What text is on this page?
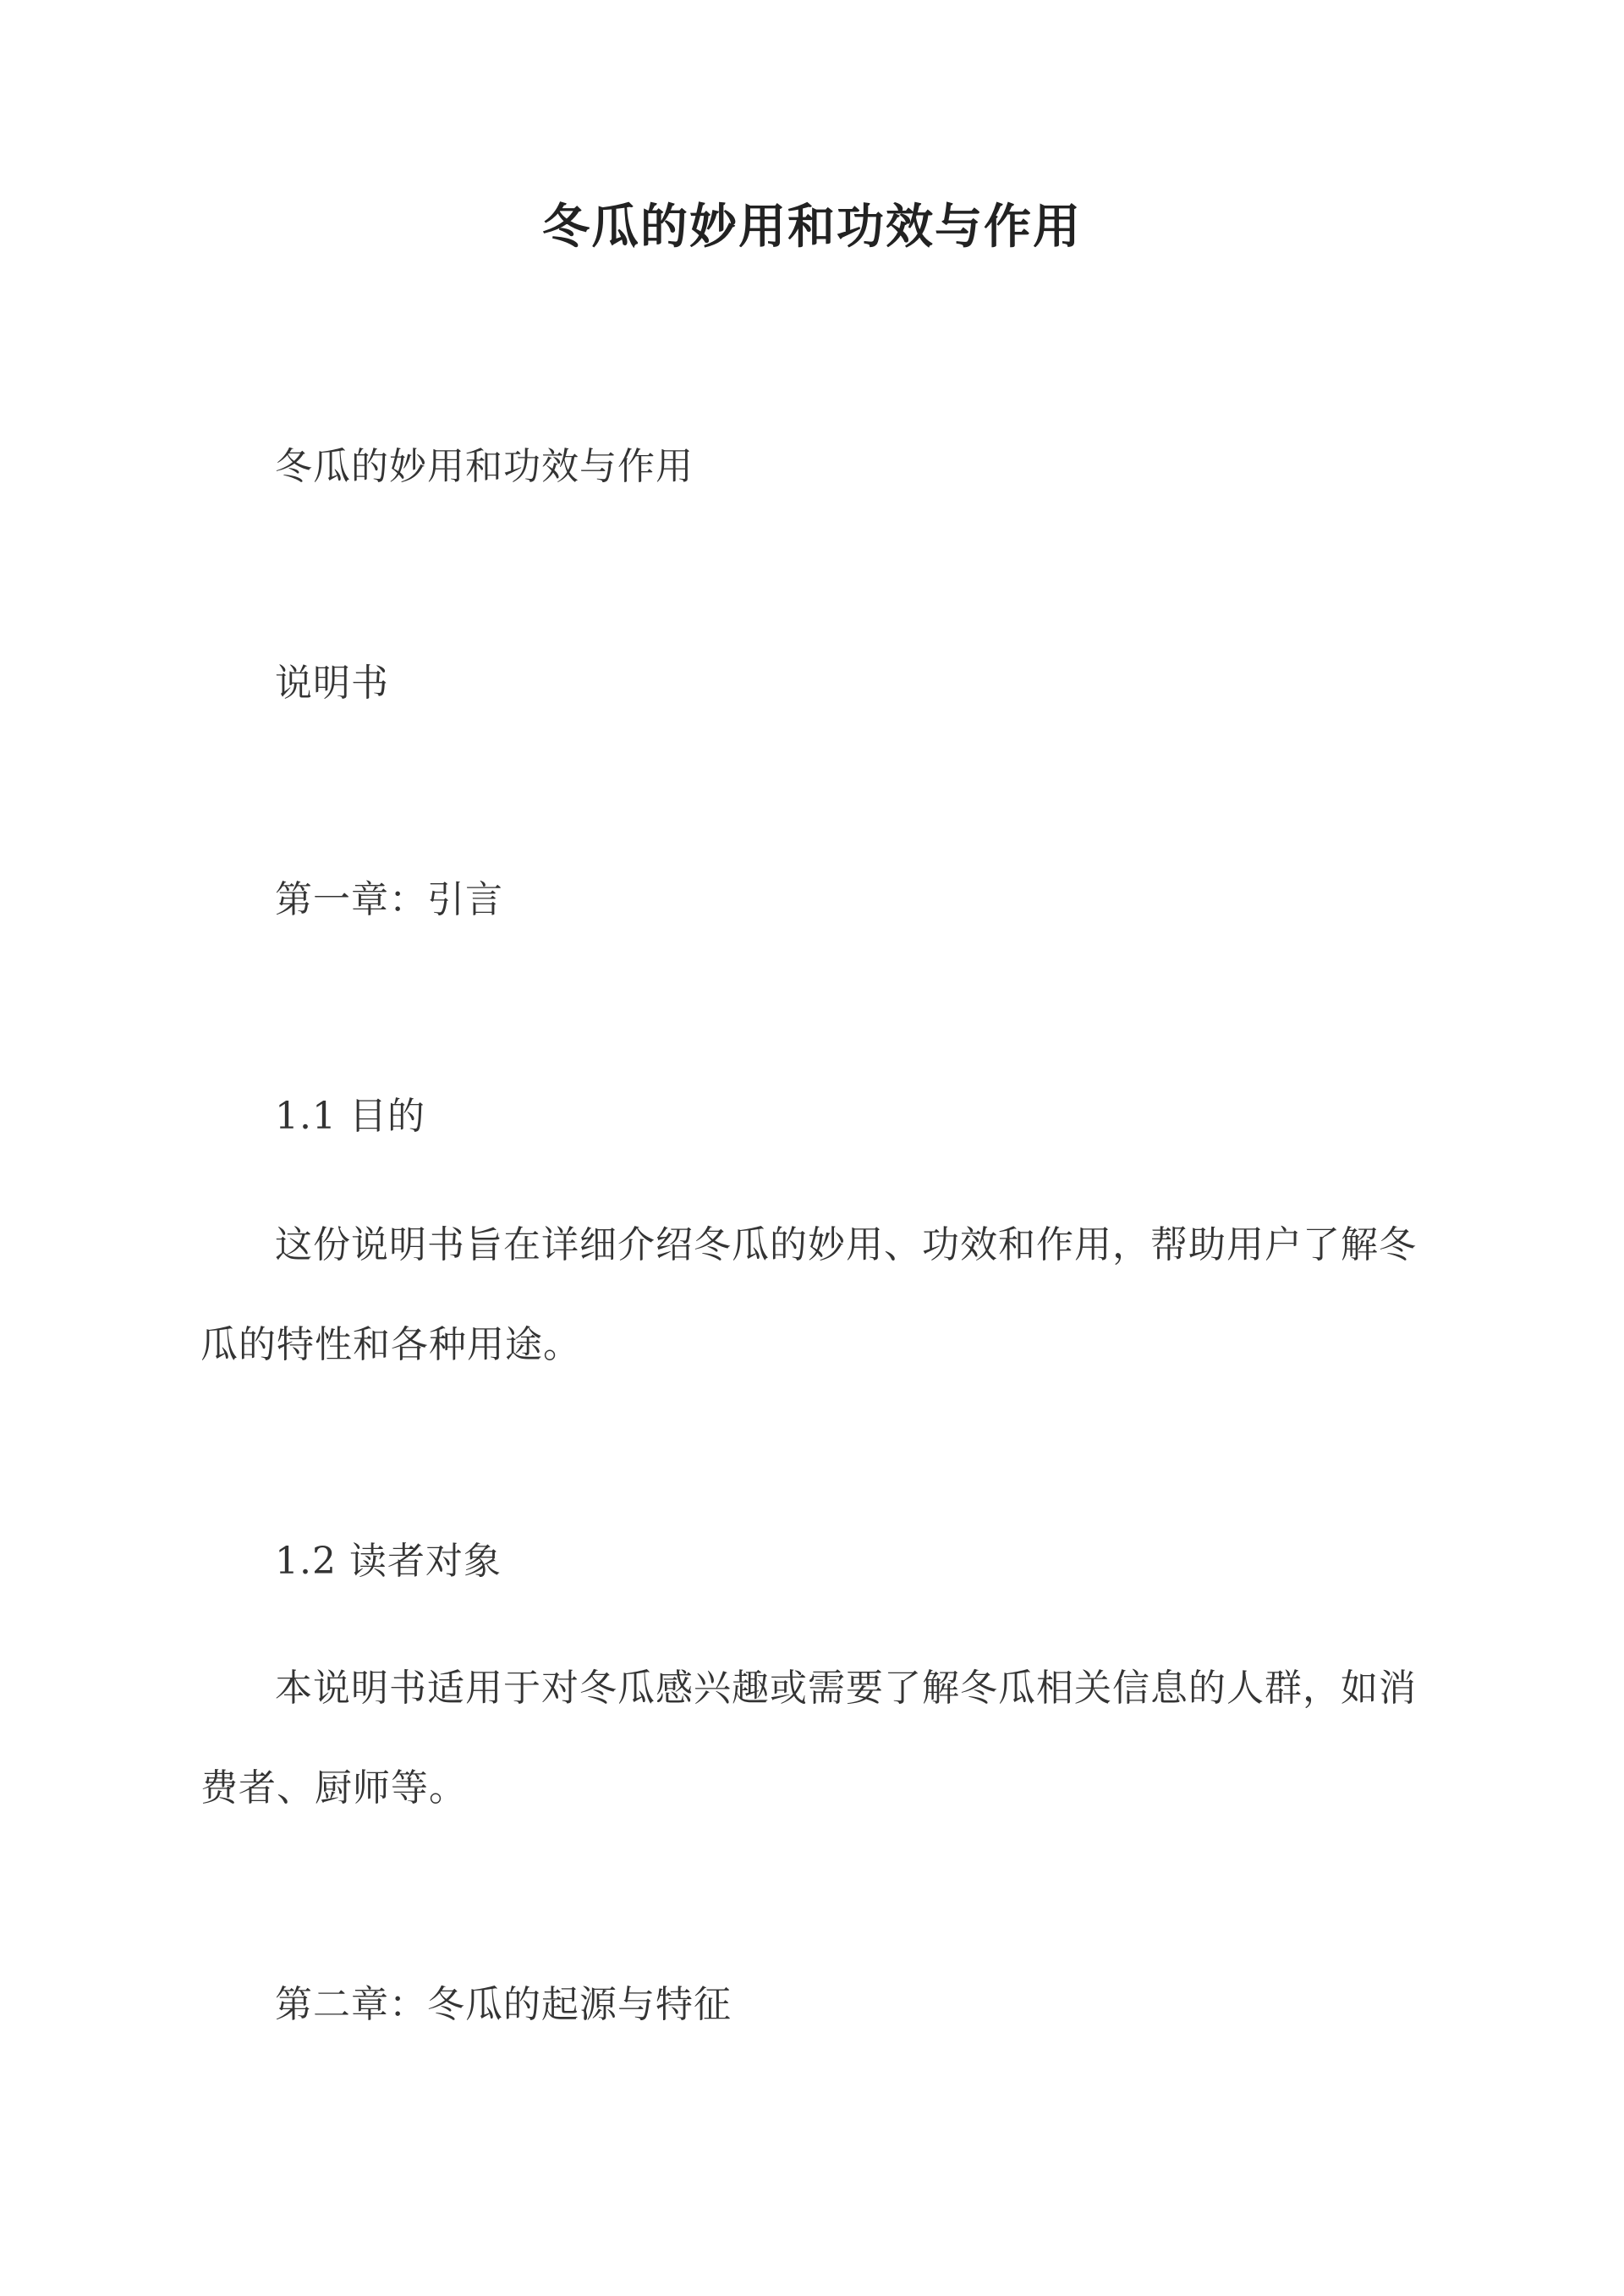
冬瓜的妙用和功效与作用
冬瓜的妙用和功效与作用
说明书
第一章：引言
1.1 目的
这份说明书旨在详细介绍冬瓜的妙用、功效和作用，帮助用户了解冬
瓜的特性和各种用途。
1.2 读者对象
本说明书适用于对冬瓜感兴趣或需要了解冬瓜相关信息的人群，如消
费者、厨师等。
第二章：冬瓜的起源与特征
